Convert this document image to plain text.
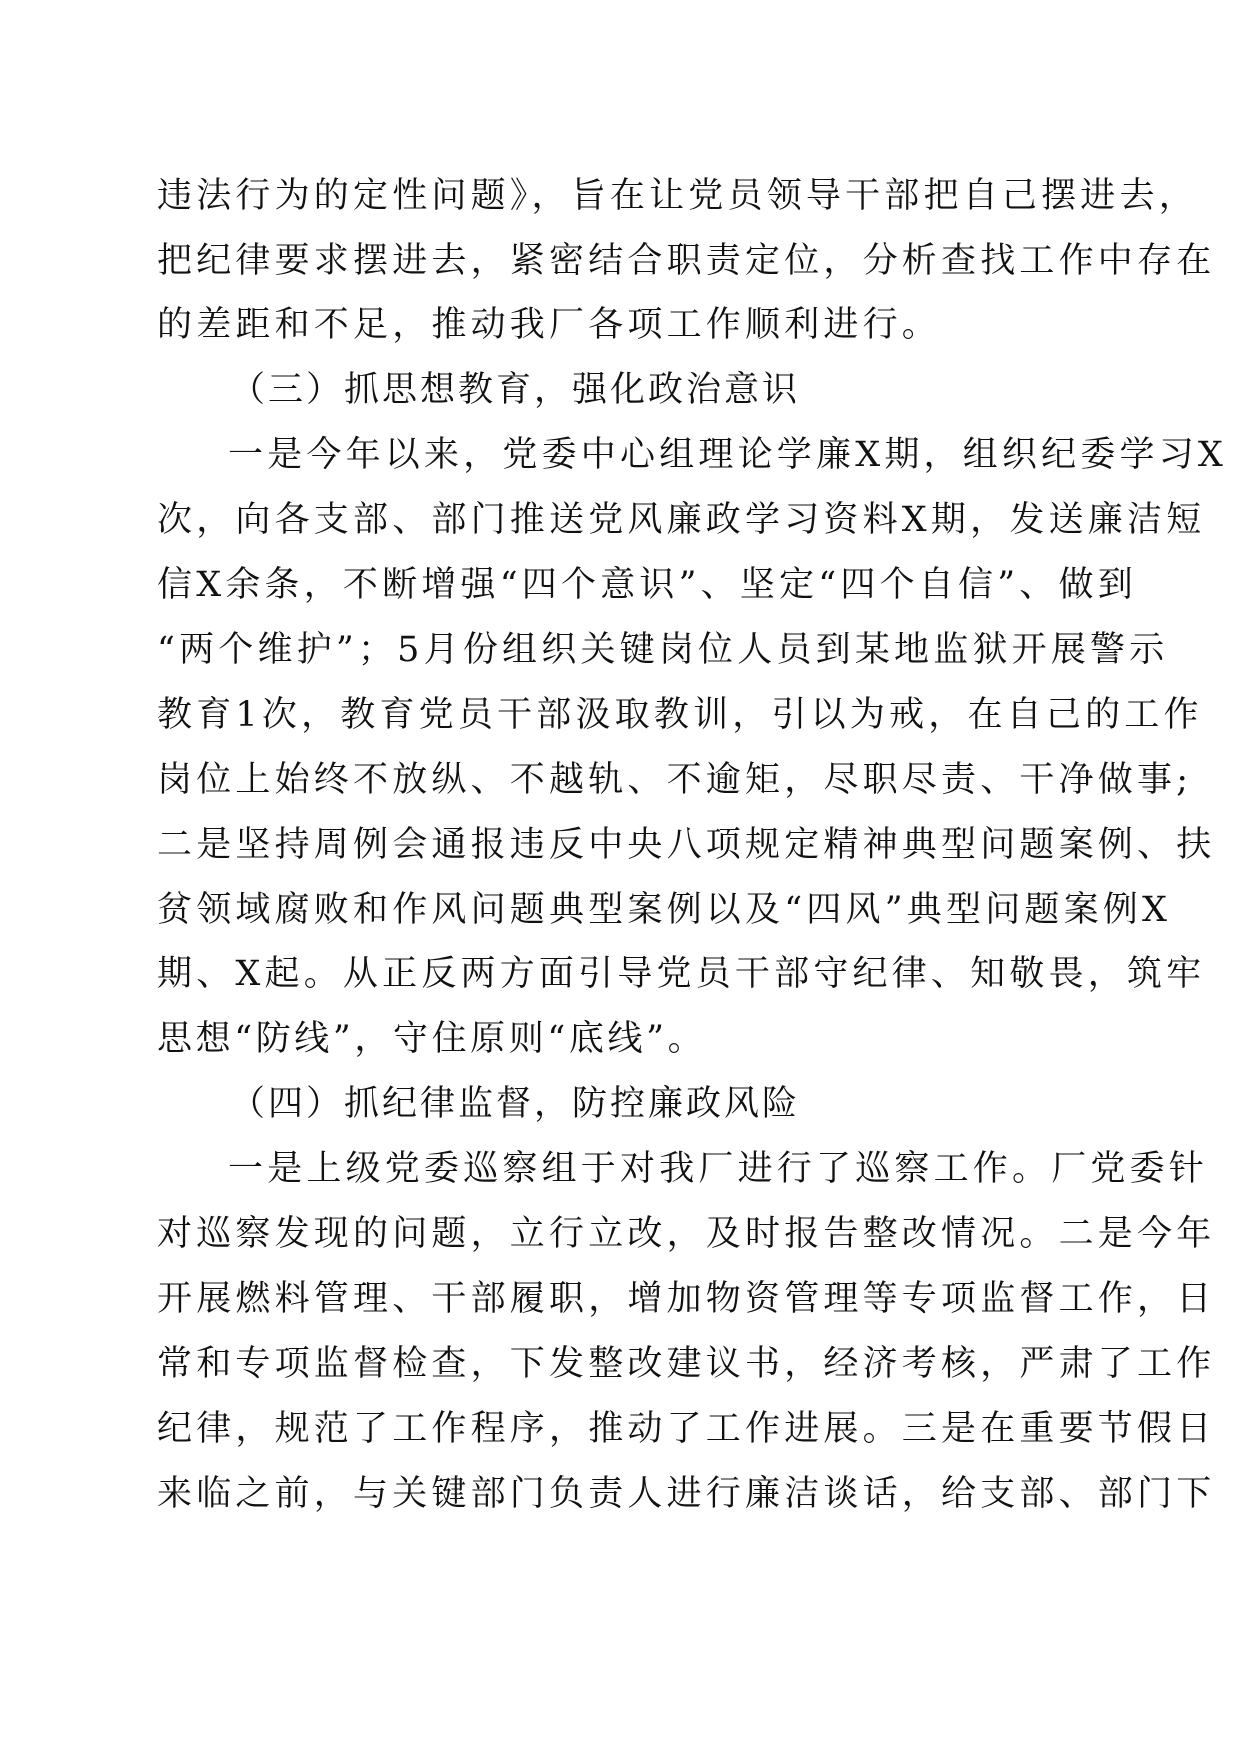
违法行为的定性问题》，旨在让党员领导干部把自己摆进去，
把纪律要求摆进去，紧密结合职责定位，分析查找工作中存在
的差距和不足，推动我厂各项工作顺利进行。
（三）抓思想教育，强化政治意识
一是今年以来，党委中心组理论学廉X期，组织纪委学习X
次，向各支部、部门推送党风廉政学习资料X期，发送廉洁短
信X余条，不断增强“四个意识”、坚定“四个自信”、做到
“两个维护”；5月份组织关键岗位人员到某地监狱开展警示
教育1次，教育党员干部汲取教训，引以为戒，在自己的工作
岗位上始终不放纵、不越轨、不逾矩，尽职尽责、干净做事;
二是坚持周例会通报违反中央八项规定精神典型问题案例、扶
贫领域腐败和作风问题典型案例以及“四风”典型问题案例X
期、X起。从正反两方面引导党员干部守纪律、知敬畏，筑牢
思想“防线”，守住原则“底线”。
（四）抓纪律监督，防控廉政风险
一是上级党委巡察组于对我厂进行了巡察工作。厂党委针
对巡察发现的问题，立行立改，及时报告整改情况。二是今年
开展燃料管理、干部履职，增加物资管理等专项监督工作，日
常和专项监督检查，下发整改建议书，经济考核，严肃了工作
纪律，规范了工作程序，推动了工作进展。三是在重要节假日
来临之前，与关键部门负责人进行廉洁谈话，给支部、部门下
